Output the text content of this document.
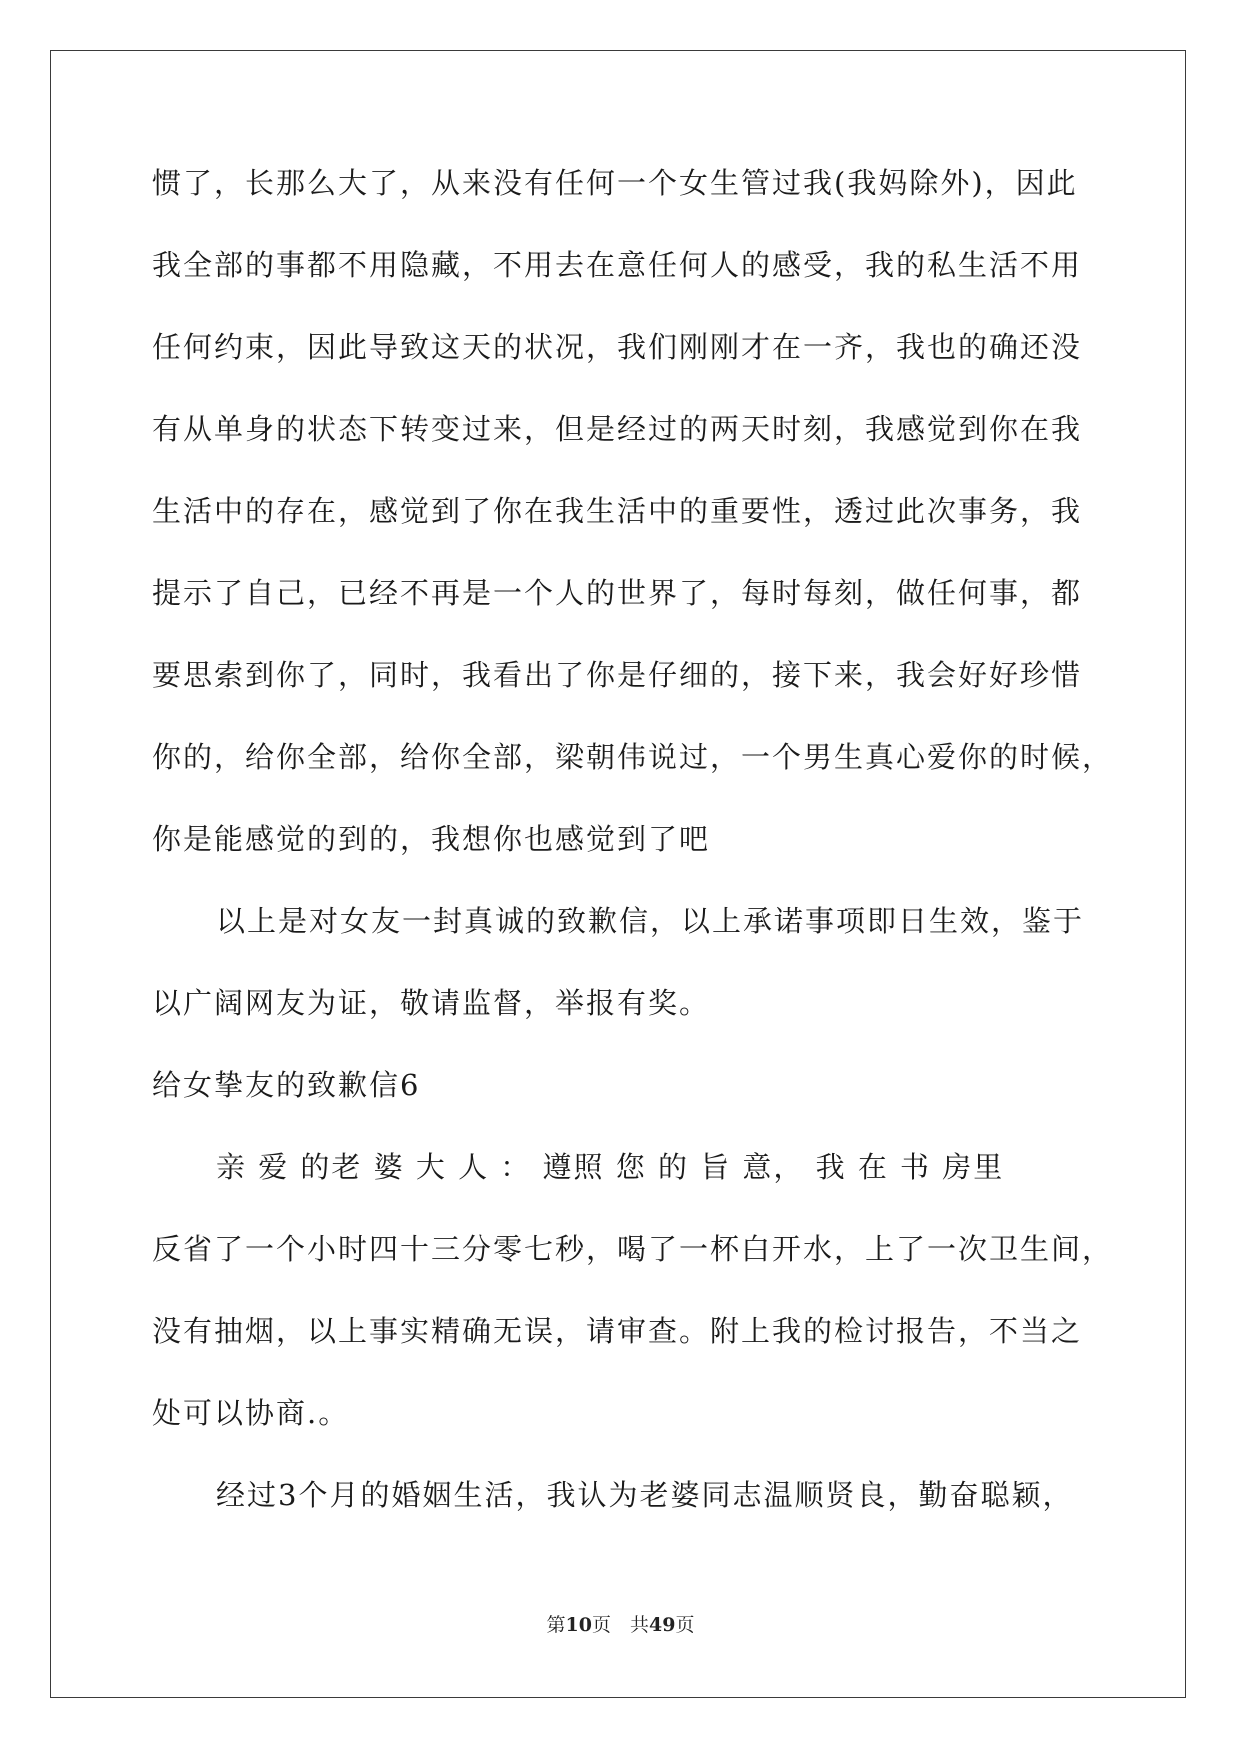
惯了，长那么大了，从来没有任何一个女生管过我(我妈除外)，因此
我全部的事都不用隐藏，不用去在意任何人的感受，我的私生活不用
任何约束，因此导致这天的状况，我们刚刚才在一齐，我也的确还没
有从单身的状态下转变过来，但是经过的两天时刻，我感觉到你在我
生活中的存在，感觉到了你在我生活中的重要性，透过此次事务，我
提示了自己，已经不再是一个人的世界了，每时每刻，做任何事，都
要思索到你了，同时，我看出了你是仔细的，接下来，我会好好珍惜
你的，给你全部，给你全部，梁朝伟说过，一个男生真心爱你的时候，
你是能感觉的到的，我想你也感觉到了吧
以上是对女友一封真诚的致歉信，以上承诺事项即日生效，鉴于
以广阔网友为证，敬请监督，举报有奖。
给女挚友的致歉信6
亲 爱 的老 婆 大 人 ： 遵照 您 的 旨 意， 我 在 书 房里
反省了一个小时四十三分零七秒，喝了一杯白开水，上了一次卫生间，
没有抽烟，以上事实精确无误，请审查。附上我的检讨报告，不当之
处可以协商.。
经过3个月的婚姻生活，我认为老婆同志温顺贤良，勤奋聪颖，
第10页　共49页
